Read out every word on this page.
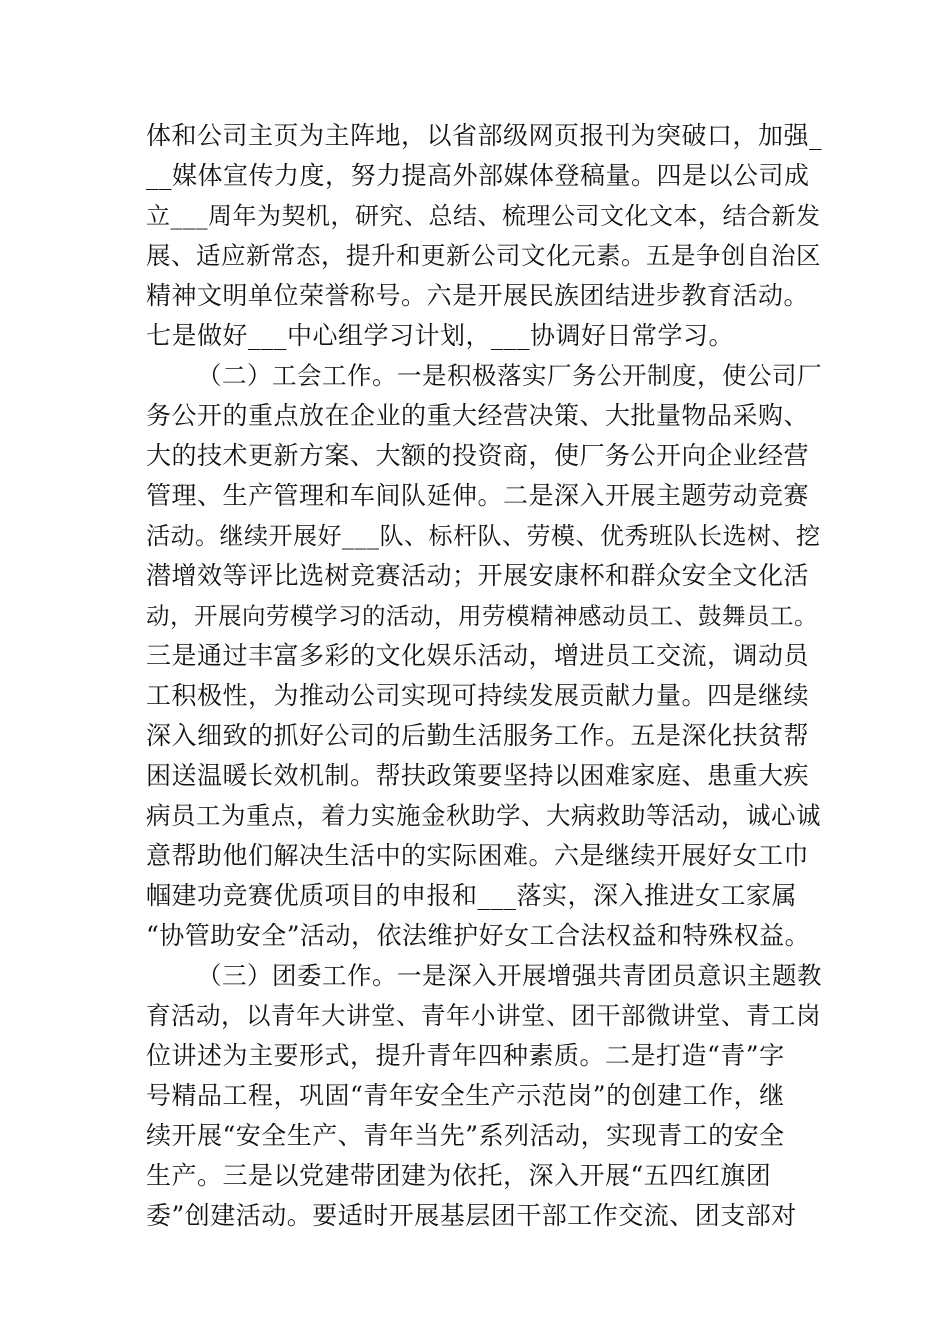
体和公司主页为主阵地，以省部级网页报刊为突破口，加强_
__媒体宣传力度，努力提高外部媒体登稿量。四是以公司成
立___周年为契机，研究、总结、梳理公司文化文本，结合新发
展、适应新常态，提升和更新公司文化元素。五是争创自治区
精神文明单位荣誉称号。六是开展民族团结进步教育活动。
七是做好___中心组学习计划，___协调好日常学习。
（二）工会工作。一是积极落实厂务公开制度，使公司厂
务公开的重点放在企业的重大经营决策、大批量物品采购、
大的技术更新方案、大额的投资商，使厂务公开向企业经营
管理、生产管理和车间队延伸。二是深入开展主题劳动竞赛
活动。继续开展好___队、标杆队、劳模、优秀班队长选树、挖
潜增效等评比选树竞赛活动；开展安康杯和群众安全文化活
动，开展向劳模学习的活动，用劳模精神感动员工、鼓舞员工。
三是通过丰富多彩的文化娱乐活动，增进员工交流，调动员
工积极性，为推动公司实现可持续发展贡献力量。四是继续
深入细致的抓好公司的后勤生活服务工作。五是深化扶贫帮
困送温暖长效机制。帮扶政策要坚持以困难家庭、患重大疾
病员工为重点，着力实施金秋助学、大病救助等活动，诚心诚
意帮助他们解决生活中的实际困难。六是继续开展好女工巾
帼建功竞赛优质项目的申报和___落实，深入推进女工家属
“协管助安全”活动，依法维护好女工合法权益和特殊权益。
（三）团委工作。一是深入开展增强共青团员意识主题教
育活动，以青年大讲堂、青年小讲堂、团干部微讲堂、青工岗
位讲述为主要形式，提升青年四种素质。二是打造“青”字
号精品工程，巩固“青年安全生产示范岗”的创建工作，继
续开展“安全生产、青年当先”系列活动，实现青工的安全
生产。三是以党建带团建为依托，深入开展“五四红旗团
委”创建活动。要适时开展基层团干部工作交流、团支部对
